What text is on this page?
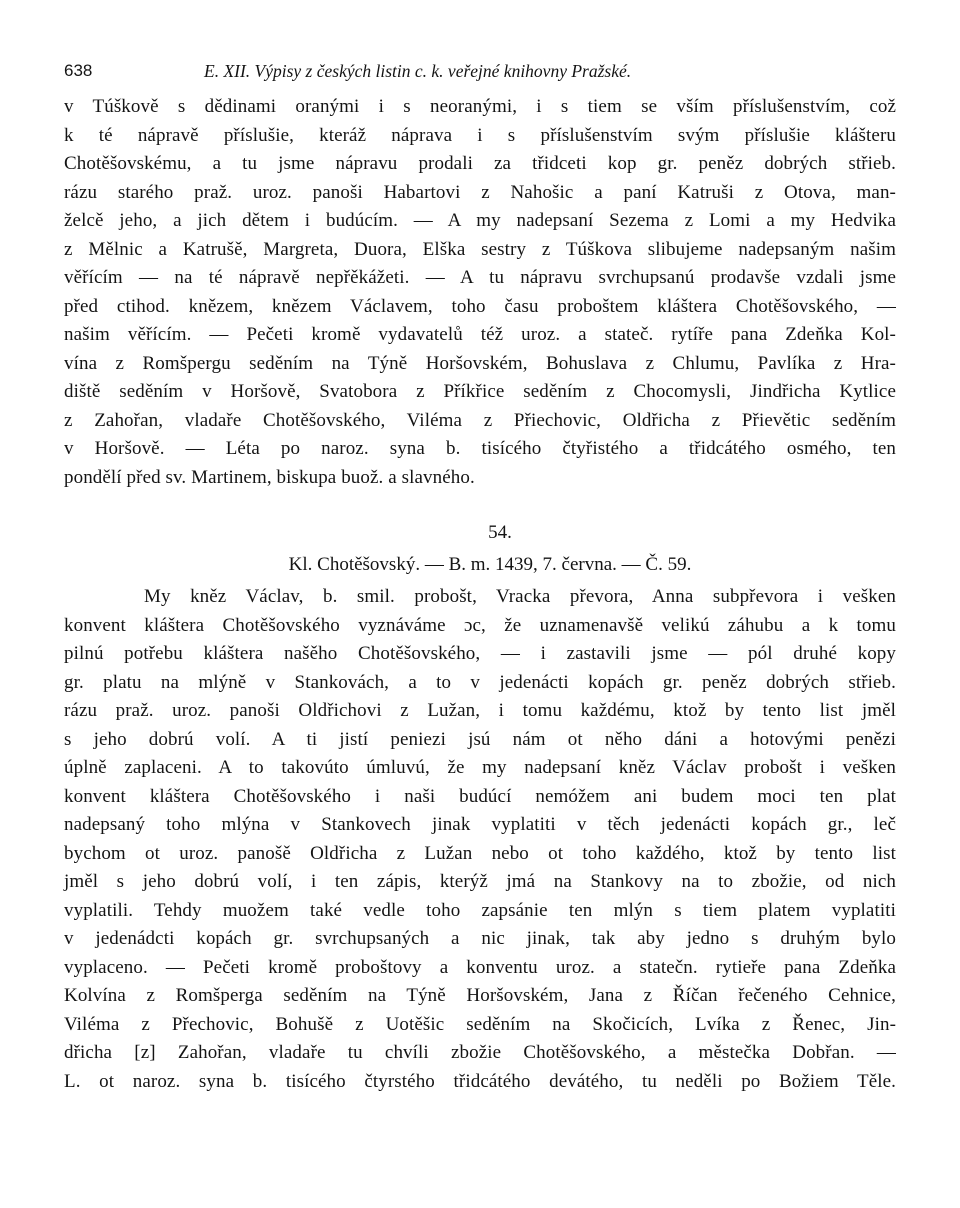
638	E. XII. Výpisy z českých listin c. k. veřejné knihovny Pražské.
v Túškově s dědinami oranými i s neoranými, i s tiem se vším příslušenstvím, což
k té nápravě příslušie, kteráž náprava i s příslušenstvím svým příslušie klášteru
Chotěšovskému, a tu jsme nápravu prodali za třidceti kop gr. peněz dobrých střieb.
rázu starého praž. uroz. panoši Habartovi z Nahošic a paní Katruši z Otova, man-
želcě jeho, a jich dětem i budúcím. — A my nadepsaní Sezema z Lomi a my Hedvika
z Mělnic a Katrušě, Margreta, Duora, Elška sestry z Túškova slibujeme nadepsaným našim
věřícím — na té nápravě nepřěkážeti. — A tu nápravu svrchupsanú prodavše vzdali jsme
před ctihod. knězem, knězem Václavem, toho času proboštem kláštera Chotěšovského, —
našim věřícím. — Pečeti kromě vydavatelů též uroz. a stateč. rytíře pana Zdeňka Kol-
vína z Romšpergu seděním na Týně Horšovském, Bohuslava z Chlumu, Pavlíka z Hra-
diště seděním v Horšově, Svatobora z Příkřice seděním z Chocomysli, Jindřicha Kytlice
z Zahořan, vladaře Chotěšovského, Viléma z Přiechovic, Oldřicha z Přievětic seděním
v Horšově. — Léta po naroz. syna b. tisícého čtyřistého a třidcátého osmého, ten
pondělí před sv. Martinem, biskupa buož. a slavného.
54.
Kl. Chotěšovský. — B. m. 1439, 7. června. — Č. 59.
My kněz Václav, b. smil. probošt, Vracka převora, Anna subpřevora i vešken
konvent kláštera Chotěšovského vyznáváme ɔc, že uznamenavšě velikú záhubu a k tomu
pilnú potřebu kláštera našěho Chotěšovského, — i zastavili jsme — pól druhé kopy
gr. platu na mlýně v Stankovách, a to v jedenácti kopách gr. peněz dobrých střieb.
rázu praž. uroz. panoši Oldřichovi z Lužan, i tomu každému, ktož by tento list jměl
s jeho dobrú volí. A ti jistí peniezi jsú nám ot něho dáni a hotovými penězi
úplně zaplaceni. A to takovúto úmluvú, že my nadepsaní kněz Václav probošt i vešken
konvent kláštera Chotěšovského i naši budúcí nemóžem ani budem moci ten plat
nadepsaný toho mlýna v Stankovech jinak vyplatiti v těch jedenácti kopách gr., leč
bychom ot uroz. panošě Oldřicha z Lužan nebo ot toho každého, ktož by tento list
jměl s jeho dobrú volí, i ten zápis, kterýž jmá na Stankovy na to zbožie, od nich
vyplatili. Tehdy muožem také vedle toho zapsánie ten mlýn s tiem platem vyplatiti
v jedenádcti kopách gr. svrchupsaných a nic jinak, tak aby jedno s druhým bylo
vyplaceno. — Pečeti kromě proboštovy a konventu uroz. a statečn. rytieře pana Zdeňka
Kolvína z Romšperga seděním na Týně Horšovském, Jana z Říčan řečeného Cehnice,
Viléma z Přechovic, Bohušě z Uotěšic seděním na Skočicích, Lvíka z Řenec, Jin-
dřicha [z] Zahořan, vladaře tu chvíli zbožie Chotěšovského, a městečka Dobřan. —
L. ot naroz. syna b. tisícého čtyrstého třidcátého devátého, tu neděli po Božiem Těle.
